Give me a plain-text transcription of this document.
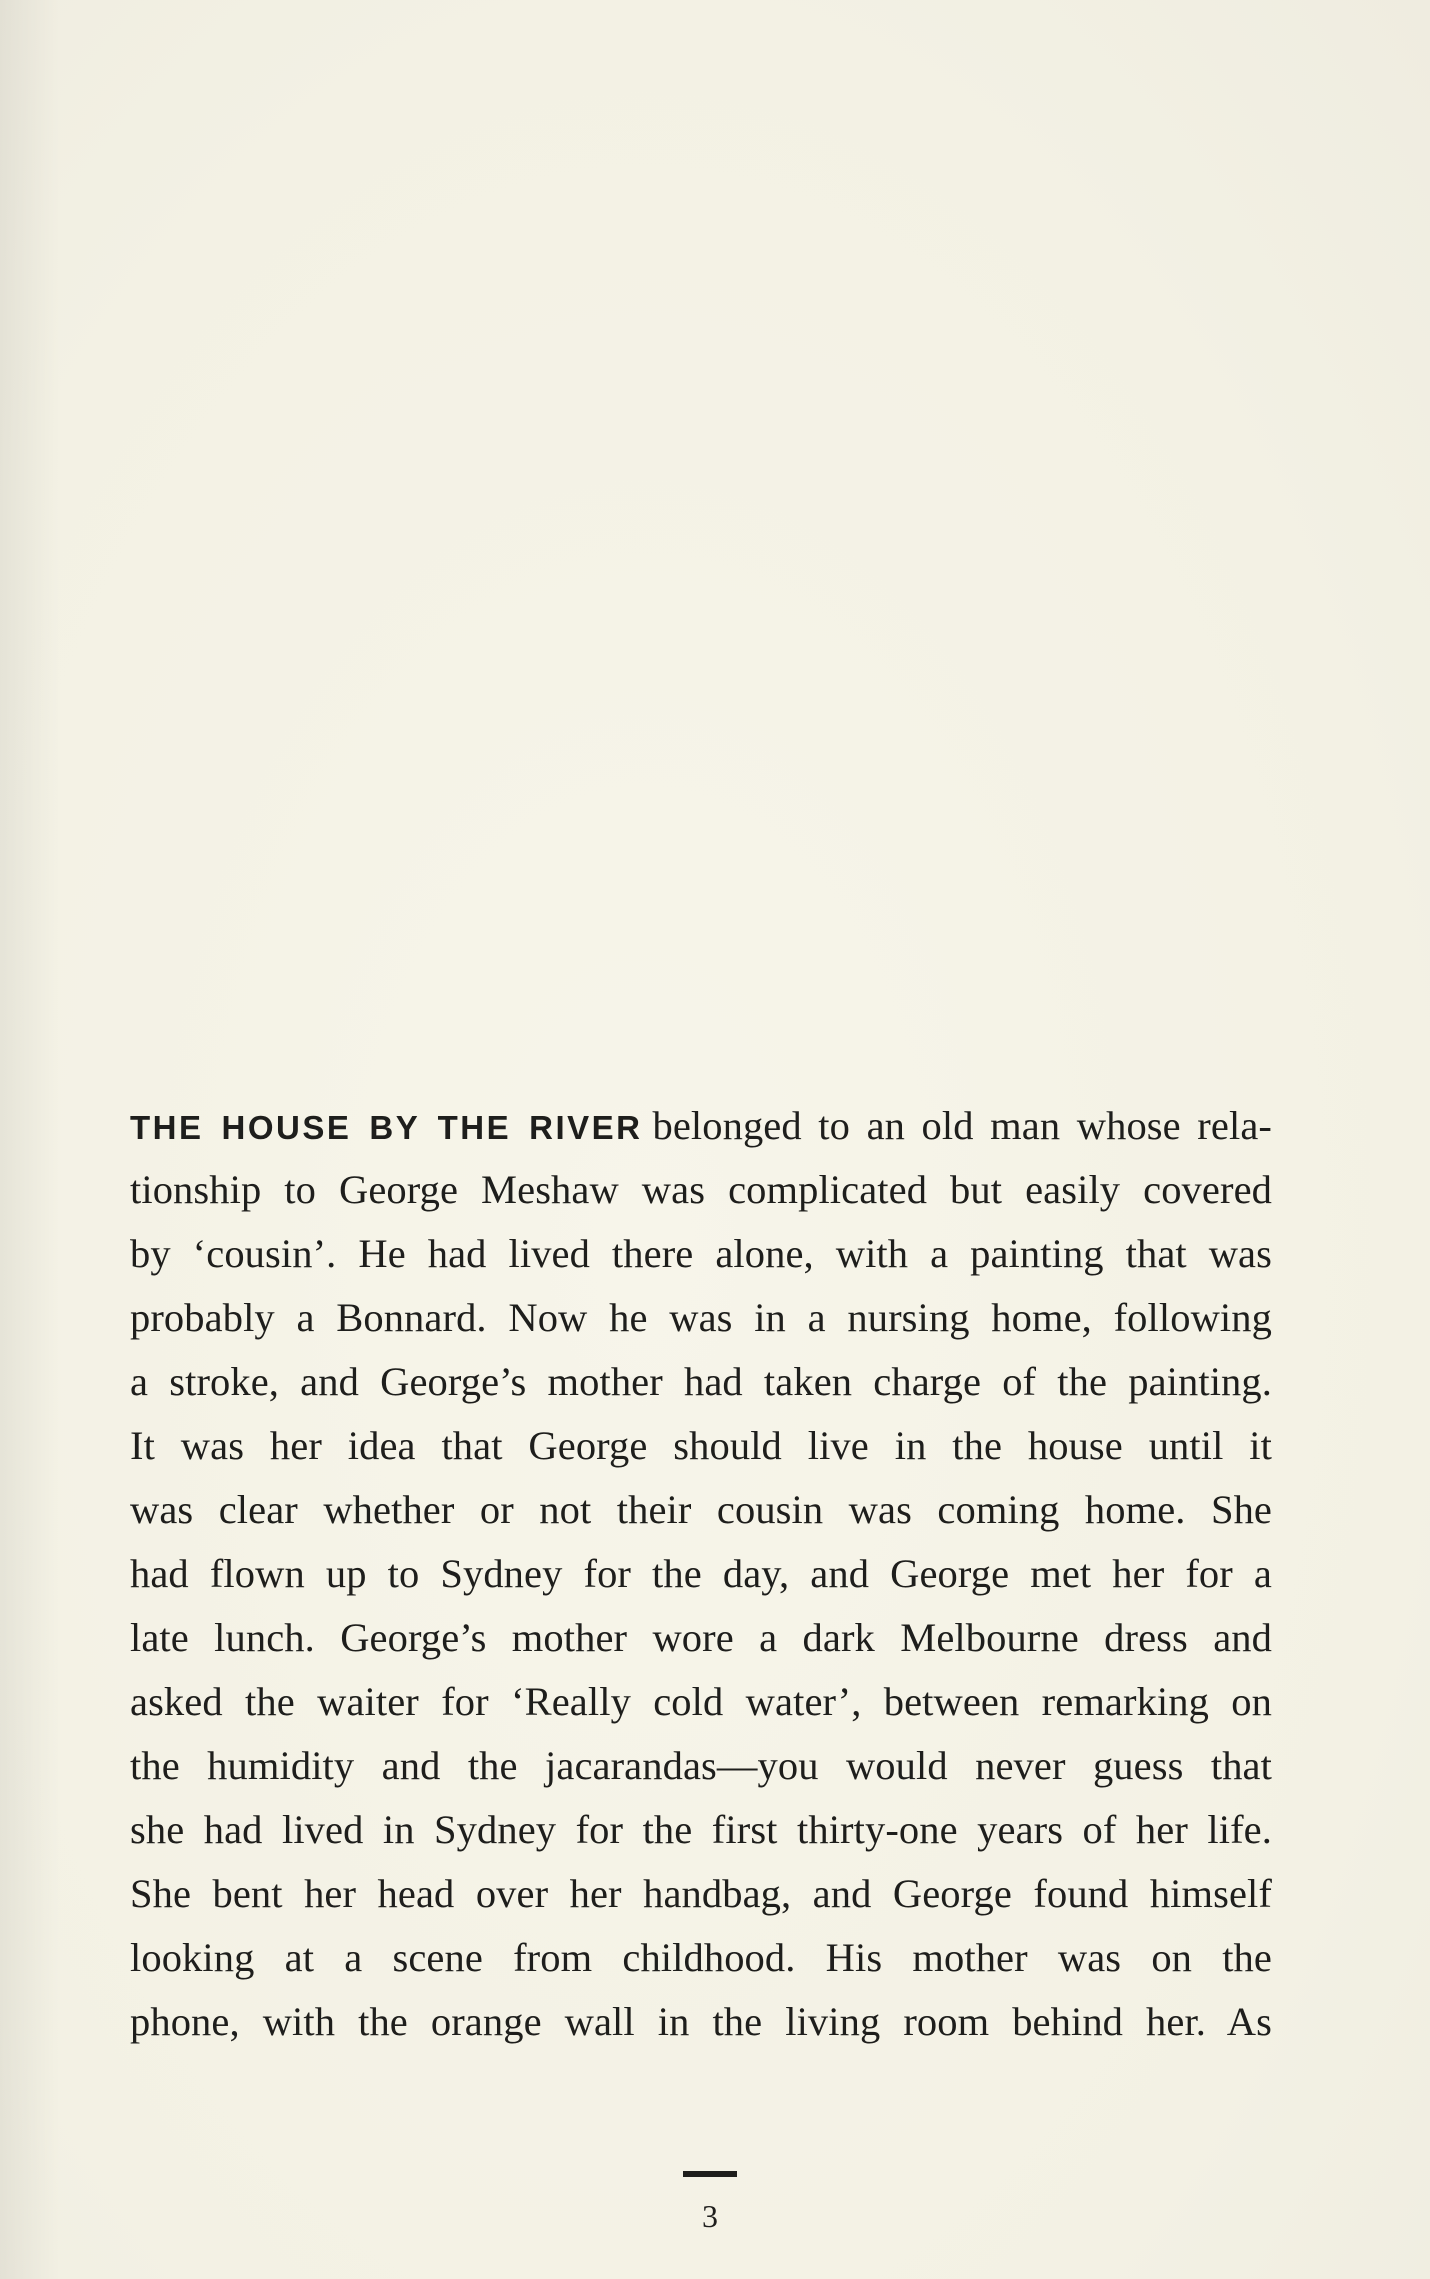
THE HOUSE BY THE RIVER belonged to an old man whose rela-
tionship to George Meshaw was complicated but easily covered
by ‘cousin’. He had lived there alone, with a painting that was
probably a Bonnard. Now he was in a nursing home, following
a stroke, and George’s mother had taken charge of the painting.
It was her idea that George should live in the house until it
was clear whether or not their cousin was coming home. She
had flown up to Sydney for the day, and George met her for a
late lunch. George’s mother wore a dark Melbourne dress and
asked the waiter for ‘Really cold water’, between remarking on
the humidity and the jacarandas—you would never guess that
she had lived in Sydney for the first thirty-one years of her life.
She bent her head over her handbag, and George found himself
looking at a scene from childhood. His mother was on the
phone, with the orange wall in the living room behind her. As
3
